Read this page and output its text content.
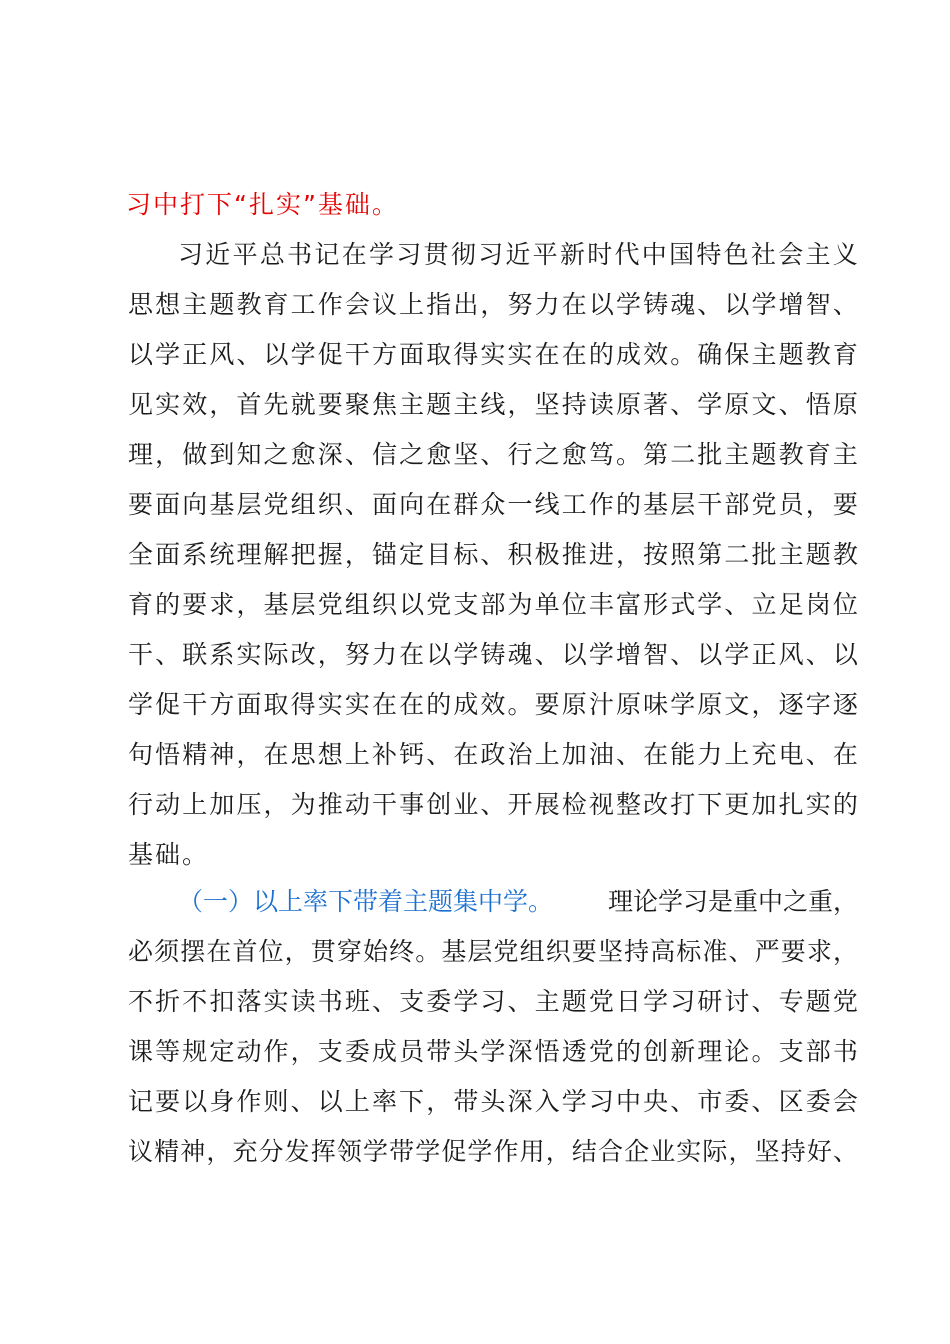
习中打下“扎实”基础。
习 近 平 总 书 记 在 学 习 贯 彻 习 近 平 新 时 代 中 国 特 色 社 会 主 义
思 想 主 题 教 育 工 作 会 议 上 指 出 ， 努 力 在 以 学 铸 魂 、 以 学 增 智 、
以 学 正 风 、 以 学 促 干 方 面 取 得 实 实 在 在 的 成 效 。 确 保 主 题 教 育
见 实 效 ， 首 先 就 要 聚 焦 主 题 主 线 ， 坚 持 读 原 著 、 学 原 文 、 悟 原
理 ， 做 到 知 之 愈 深 、 信 之 愈 坚 、 行 之 愈 笃 。 第 二 批 主 题 教 育 主
要 面 向 基 层 党 组 织 、 面 向 在 群 众 一 线 工 作 的 基 层 干 部 党 员 ， 要
全 面 系 统 理 解 把 握 ， 锚 定 目 标 、 积 极 推 进 ， 按 照 第 二 批 主 题 教
育 的 要 求 ， 基 层 党 组 织 以 党 支 部 为 单 位 丰 富 形 式 学 、 立 足 岗 位
干 、 联 系 实 际 改 ， 努 力 在 以 学 铸 魂 、 以 学 增 智 、 以 学 正 风 、 以
学 促 干 方 面 取 得 实 实 在 在 的 成 效 。 要 原 汁 原 味 学 原 文 ， 逐 字 逐
句 悟 精 神 ， 在 思 想 上 补 钙 、 在 政 治 上 加 油 、 在 能 力 上 充 电 、 在
行 动 上 加 压 ， 为 推 动 干 事 创 业 、 开 展 检 视 整 改 打 下 更 加 扎 实 的
基础。
（一）以上率下带着主题集中学。 理论学习是重中之重，
必 须 摆 在 首 位 ， 贯 穿 始 终 。 基 层 党 组 织 要 坚 持 高 标 准 、 严 要 求 ，
不 折 不 扣 落 实 读 书 班 、 支 委 学 习 、 主 题 党 日 学 习 研 讨 、 专 题 党
课 等 规 定 动 作 ， 支 委 成 员 带 头 学 深 悟 透 党 的 创 新 理 论 。 支 部 书
记 要 以 身 作 则 、 以 上 率 下 ， 带 头 深 入 学 习 中 央 、 市 委 、 区 委 会
议 精 神 ， 充 分 发 挥 领 学 带 学 促 学 作 用 ， 结 合 企 业 实 际 ， 坚 持 好 、
